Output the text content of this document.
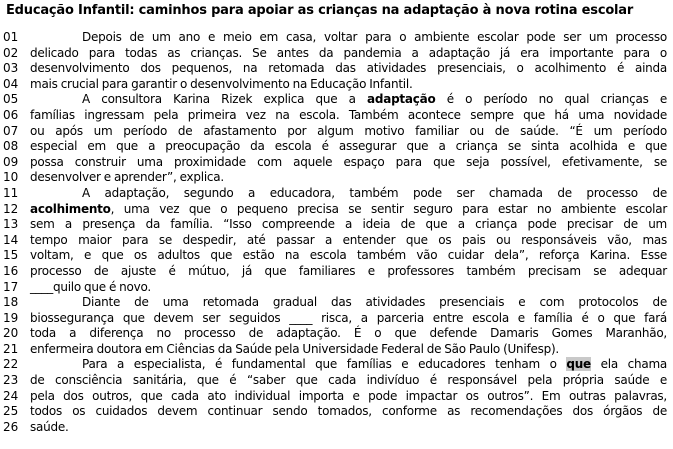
Educação Infantil: caminhos para apoiar as crianças na adaptação à nova rotina escolar
01	Depois de um ano e meio em casa, voltar para o ambiente escolar pode ser um processo
02 delicado para todas as crianças. Se antes da pandemia a adaptação já era importante para o
03 desenvolvimento dos pequenos, na retomada das atividades presenciais, o acolhimento é ainda
04 mais crucial para garantir o desenvolvimento na Educação Infantil.
05	A consultora Karina Rizek explica que a adaptação é o período no qual crianças e
06 famílias ingressam pela primeira vez na escola. Também acontece sempre que há uma novidade
07 ou após um período de afastamento por algum motivo familiar ou de saúde. “É um período
08 especial em que a preocupação da escola é assegurar que a criança se sinta acolhida e que
09 possa construir uma proximidade com aquele espaço para que seja possível, efetivamente, se
10 desenvolver e aprender”, explica.
11	A adaptação, segundo a educadora, também pode ser chamada de processo de
12 acolhimento, uma vez que o pequeno precisa se sentir seguro para estar no ambiente escolar
13 sem a presença da família. “Isso compreende a ideia de que a criança pode precisar de um
14 tempo maior para se despedir, até passar a entender que os pais ou responsáveis vão, mas
15 voltam, e que os adultos que estão na escola também vão cuidar dela”, reforça Karina. Esse
16 processo de ajuste é mútuo, já que familiares e professores também precisam se adequar
17 ____quilo que é novo.
18	Diante de uma retomada gradual das atividades presenciais e com protocolos de
19 biossegurança que devem ser seguidos ____ risca, a parceria entre escola e família é o que fará
20 toda a diferença no processo de adaptação. É o que defende Damaris Gomes Maranhão,
21 enfermeira doutora em Ciências da Saúde pela Universidade Federal de São Paulo (Unifesp).
22	Para a especialista, é fundamental que famílias e educadores tenham o que ela chama
23 de consciência sanitária, que é “saber que cada indivíduo é responsável pela própria saúde e
24 pela dos outros, que cada ato individual importa e pode impactar os outros”. Em outras palavras,
25 todos os cuidados devem continuar sendo tomados, conforme as recomendações dos órgãos de
26 saúde.
